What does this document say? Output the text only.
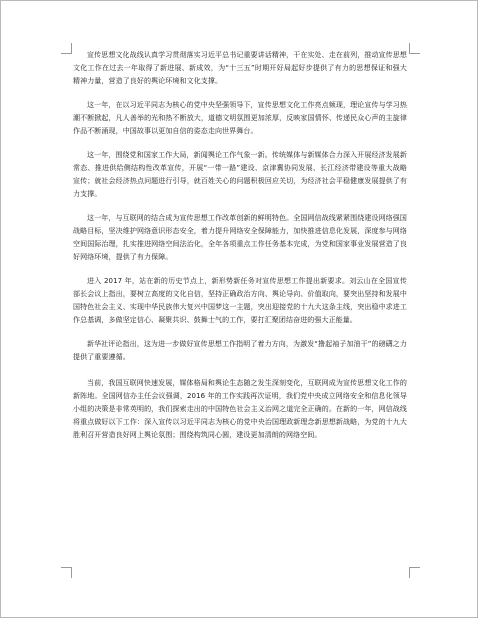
宣传思想文化战线认真学习贯彻落实习近平总书记重要讲话精神，干在实处、走在前列，推动宣传思想文化工作在过去一年取得了新进展、新成效，为“十三五”时期开好局起好步提供了有力的思想保证和强大精神力量，营造了良好的舆论环境和文化支撑。

这一年，在以习近平同志为核心的党中央坚强领导下，宣传思想文化工作亮点频现，理论宣传与学习热潮不断掀起，凡人善举的光和热不断放大，道德文明氛围更加浓厚，反映家国情怀、传递民众心声的主旋律作品不断涌现，中国故事以更加自信的姿态走向世界舞台。

这一年，围绕党和国家工作大局，新闻舆论工作气象一新。传统媒体与新媒体合力深入开展经济发展新常态、推进供给侧结构性改革宣传，开展“一带一路”建设、京津冀协同发展、长江经济带建设等重大战略宣传；就社会经济热点问题进行引导，就百姓关心的问题积极回应关切，为经济社会平稳健康发展提供了有力支撑。

这一年，与互联网的结合成为宣传思想工作改革创新的鲜明特色。全国网信战线紧紧围绕建设网络强国战略目标，坚决维护网络意识形态安全，着力提升网络安全保障能力，加快推进信息化发展，深度参与网络空间国际治理，扎实推进网络空间法治化，全年各项重点工作任务基本完成，为党和国家事业发展营造了良好网络环境，提供了有力保障。

进入 2017 年，站在新的历史节点上，新形势新任务对宣传思想工作提出新要求。刘云山在全国宣传部长会议上指出，要树立高度的文化自信，坚持正确政治方向、舆论导向、价值取向，要突出坚持和发展中国特色社会主义、实现中华民族伟大复兴中国梦这一主题，突出迎接党的十九大这条主线，突出稳中求进工作总基调，多做坚定信心、凝聚共识、鼓舞士气的工作，要打汇聚团结奋进的强大正能量。

新华社评论指出，这为进一步做好宣传思想工作指明了着力方向，为激发“撸起袖子加油干”的磅礴之力提供了重要遵循。

当前，我国互联网快速发展，媒体格局和舆论生态随之发生深刻变化，互联网成为宣传思想文化工作的新阵地。全国网信办主任会议强调，2016 年的工作实践再次证明，我们党中央成立网络安全和信息化领导小组的决策是非常英明的，我们探索走出的中国特色社会主义治网之道完全正确的。在新的一年，网信战线将重点做好以下工作：深入宣传以习近平同志为核心的党中央治国理政新理念新思想新战略，为党的十九大胜利召开营造良好网上舆论氛围；围绕构筑同心圆，建设更加清朗的网络空间。
